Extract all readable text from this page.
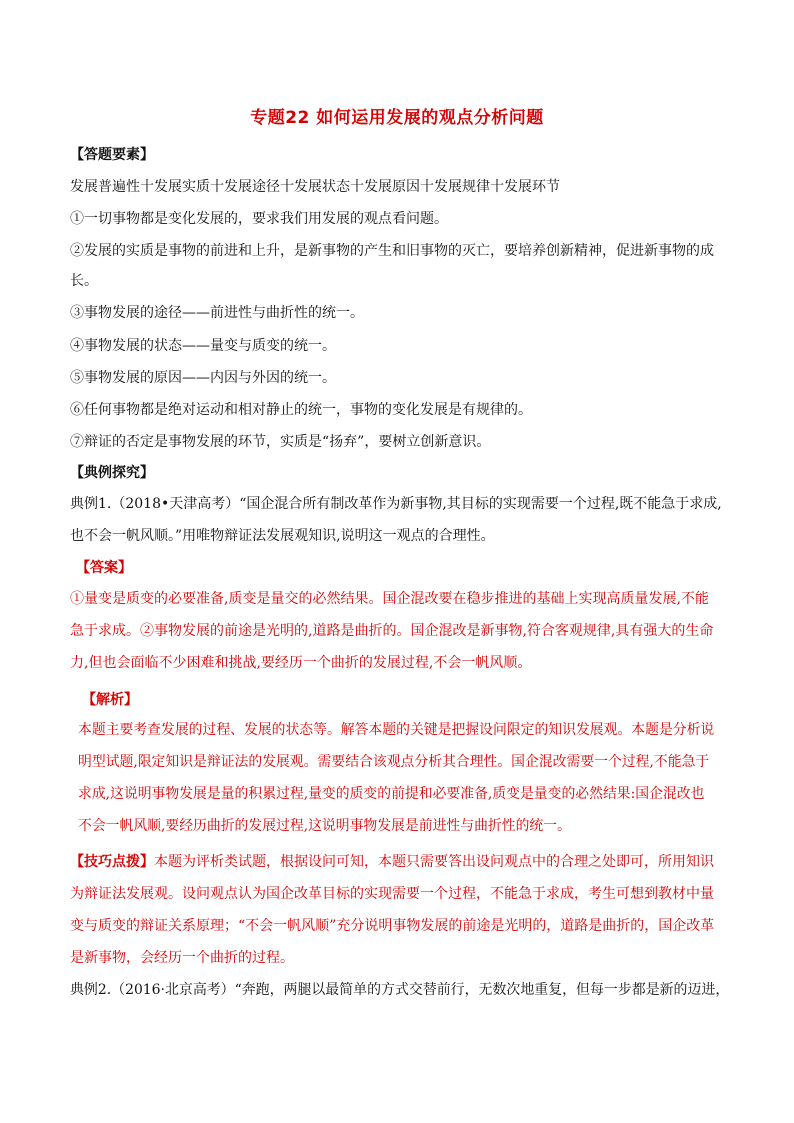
专题22 如何运用发展的观点分析问题
【答题要素】
发展普遍性十发展实质十发展途径十发展状态十发展原因十发展规律十发展环节
①一切事物都是变化发展的，要求我们用发展的观点看问题。
②发展的实质是事物的前进和上升，是新事物的产生和旧事物的灭亡，要培养创新精神，促进新事物的成
长。
③事物发展的途径——前进性与曲折性的统一。
④事物发展的状态——量变与质变的统一。
⑤事物发展的原因——内因与外因的统一。
⑥任何事物都是绝对运动和相对静止的统一，事物的变化发展是有规律的。
⑦辩证的否定是事物发展的环节，实质是“扬弃”，要树立创新意识。
【典例探究】
典例1.（2018•天津高考）“国企混合所有制改革作为新事物,其目标的实现需要一个过程,既不能急于求成,
也不会一帆风顺。”用唯物辩证法发展观知识,说明这一观点的合理性。
【答案】
①量变是质变的必要准备,质变是量交的必然结果。国企混改要在稳步推进的基础上实现高质量发展,不能
急于求成。②事物发展的前途是光明的,道路是曲折的。国企混改是新事物,符合客观规律,具有强大的生命
力,但也会面临不少困难和挑战,要经历一个曲折的发展过程,不会一帆风顺。
【解析】
本题主要考查发展的过程、发展的状态等。解答本题的关键是把握设问限定的知识发展观。本题是分析说
明型试题,限定知识是辩证法的发展观。需要结合该观点分析其合理性。国企混改需要一个过程,不能急于
求成,这说明事物发展是量的积累过程,量变的质变的前提和必要准备,质变是量变的必然结果:国企混改也
不会一帆风顺,要经历曲折的发展过程,这说明事物发展是前进性与曲折性的统一。
【技巧点拨】本题为评析类试题，根据设问可知，本题只需要答出设问观点中的合理之处即可，所用知识
为辩证法发展观。设问观点认为国企改革目标的实现需要一个过程，不能急于求成，考生可想到教材中量
变与质变的辩证关系原理；“不会一帆风顺”充分说明事物发展的前途是光明的，道路是曲折的，国企改革
是新事物，会经历一个曲折的过程。
典例2.（2016·北京高考）“奔跑，两腿以最简单的方式交替前行，无数次地重复，但每一步都是新的迈进，
